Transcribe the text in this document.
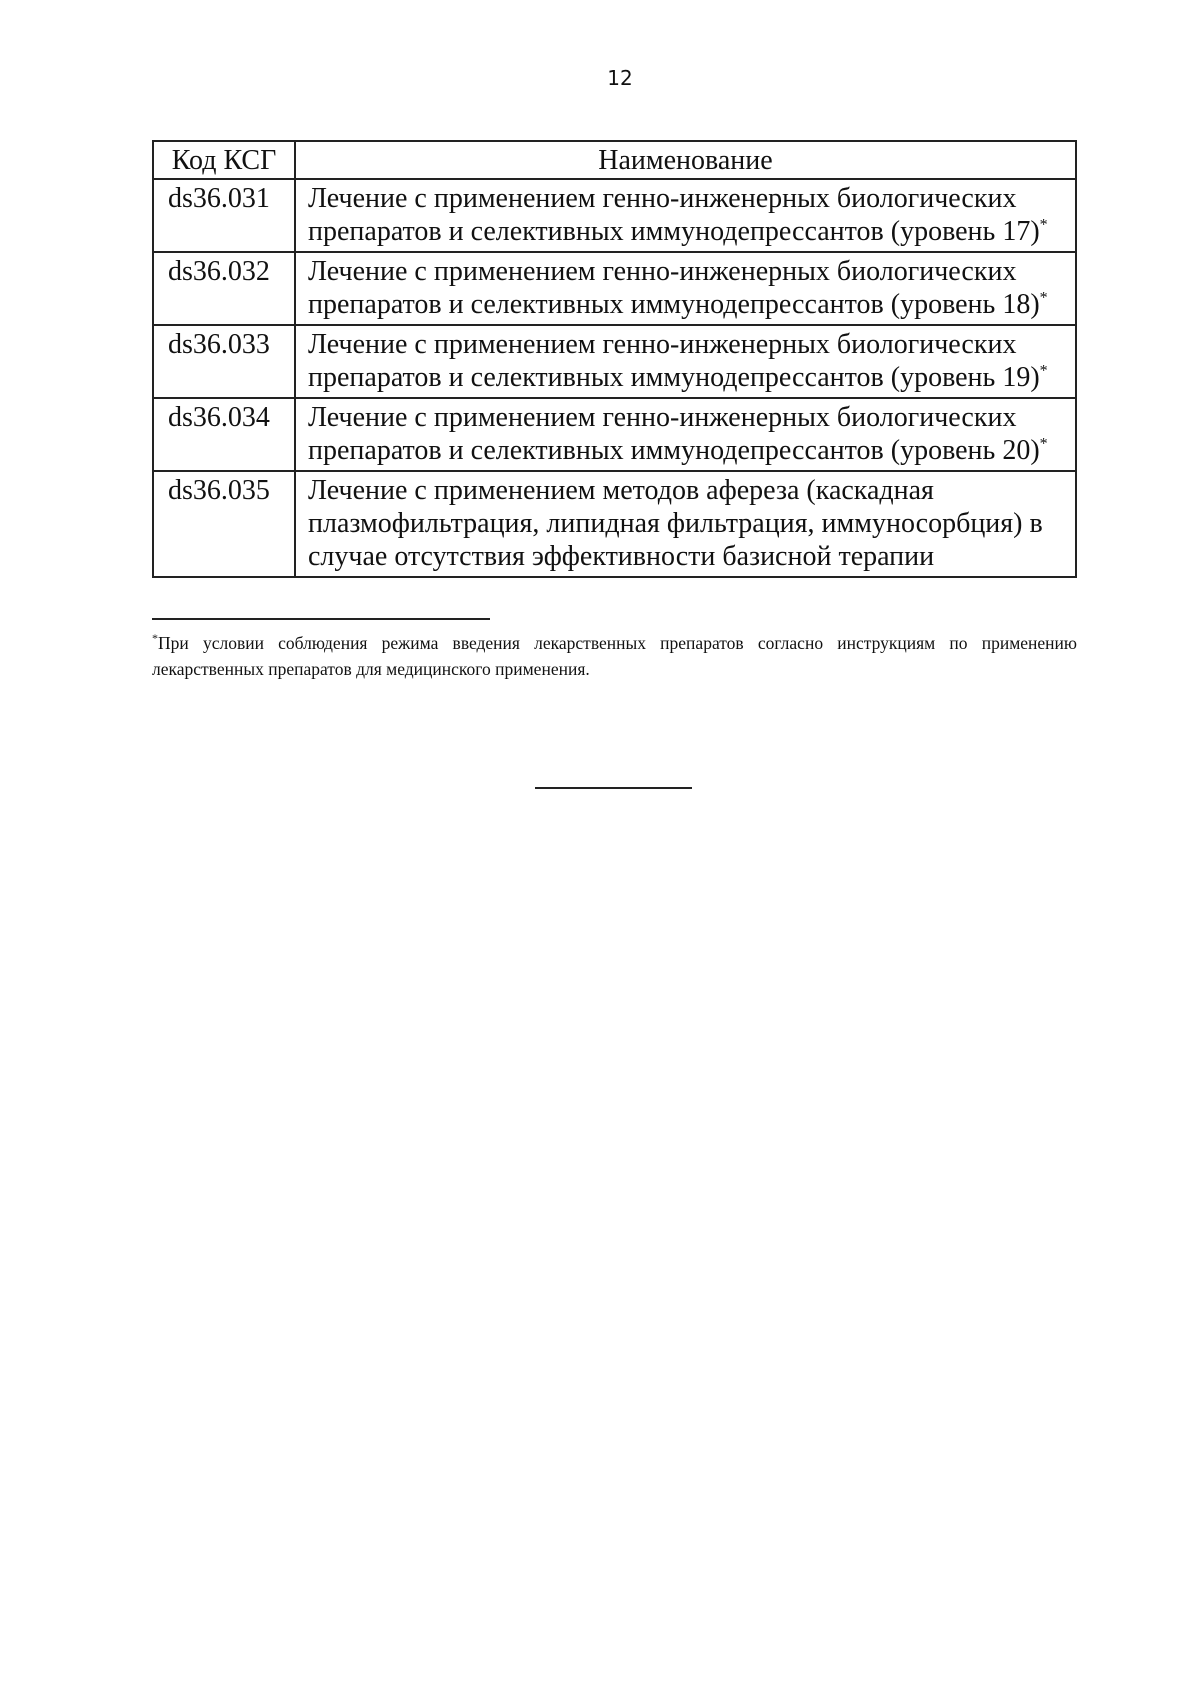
12
Код КСГ	Наименование
ds36.031	Лечение с применением генно-инженерных биологических препаратов и селективных иммунодепрессантов (уровень 17)*
ds36.032	Лечение с применением генно-инженерных биологических препаратов и селективных иммунодепрессантов (уровень 18)*
ds36.033	Лечение с применением генно-инженерных биологических препаратов и селективных иммунодепрессантов (уровень 19)*
ds36.034	Лечение с применением генно-инженерных биологических препаратов и селективных иммунодепрессантов (уровень 20)*
ds36.035	Лечение с применением методов афереза (каскадная плазмофильтрация, липидная фильтрация, иммуносорбция) в случае отсутствия эффективности базисной терапии
*При условии соблюдения режима введения лекарственных препаратов согласно инструкциям по применению лекарственных препаратов для медицинского применения.
